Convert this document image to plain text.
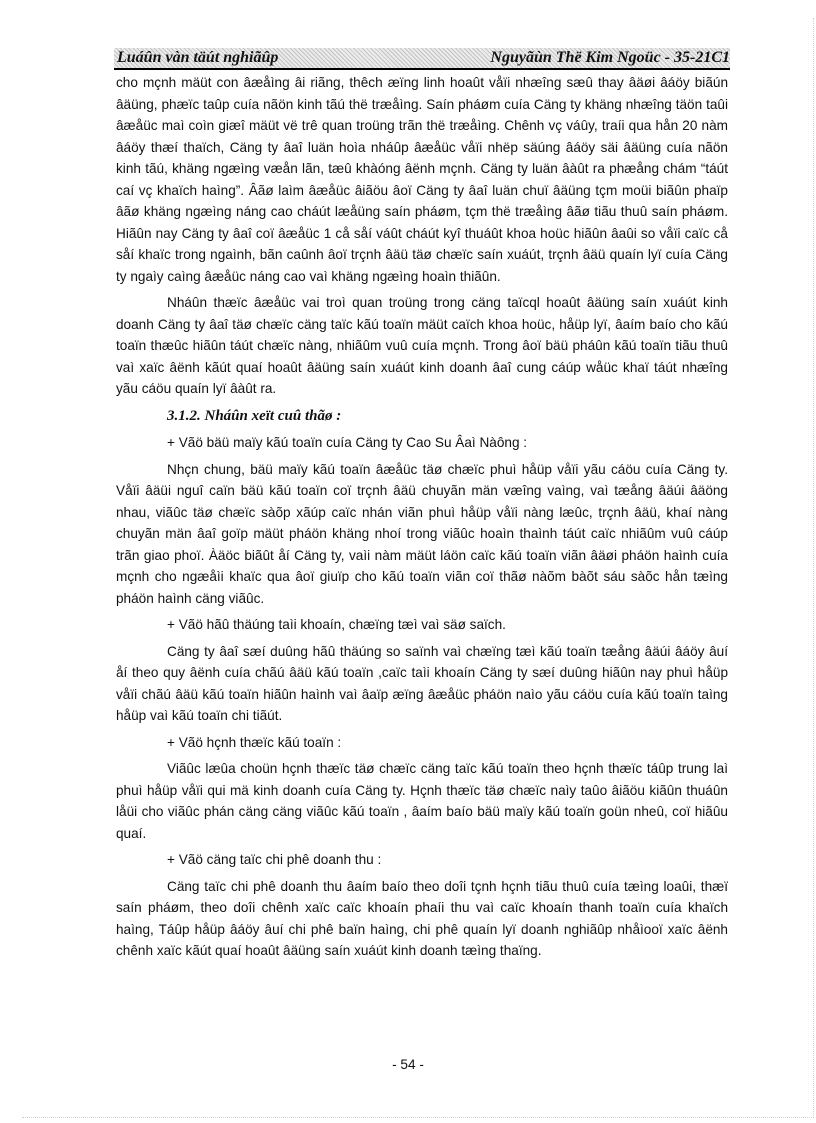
Luáûn vàn täút nghiãûp	Nguyãùn Thë Kim Ngoüc - 35-21C1

cho mçnh mäüt con âæåìng âi riãng, thêch æïng linh hoaût våïi nhæîng sæû thay âäøi âáöy biãún âäüng, phæïc taûp cuía nãön kinh tãú thë træåìng. Saín pháøm cuía Cäng ty khäng nhæîng täön taûi âæåüc maì coìn giæî mäüt vë trê quan troüng trãn thë træåìng. Chênh vç váûy, traíi qua hån 20 nàm âáöy thæí thaïch, Cäng ty âaî luän hoìa nháûp âæåüc våïi nhëp säúng âáöy säi âäüng cuía nãön kinh tãú, khäng ngæìng væån lãn, tæû khàóng âënh mçnh. Cäng ty luän âàût ra phæång chám “táút caí vç khaïch haìng”. Âãø laìm âæåüc âiãöu âoï Cäng ty âaî luän chuï âäüng tçm moüi biãûn phaïp âãø khäng ngæìng náng cao cháút læåüng saín pháøm, tçm thë træåìng âãø tiãu thuû saín pháøm. Hiãûn nay Cäng ty âaî coï âæåüc 1 cå såí váût cháút kyî thuáût khoa hoüc hiãûn âaûi so våïi caïc cå såí khaïc trong ngaình, bãn caûnh âoï trçnh âäü täø chæïc saín xuáút, trçnh âäü quaín lyï cuía Cäng ty ngaìy caìng âæåüc náng cao vaì khäng ngæìng hoaìn thiãûn.

Nháûn thæïc âæåüc vai troì quan troüng trong cäng taïcql hoaût âäüng saín xuáút kinh doanh Cäng ty âaî täø chæïc cäng taïc kãú toaïn mäüt caïch khoa hoüc, håüp lyï, âaím baío cho kãú toaïn thæûc hiãûn táút chæïc nàng, nhiãûm vuû cuía mçnh. Trong âoï bäü pháûn kãú toaïn tiãu thuû vaì xaïc âënh kãút quaí hoaût âäüng saín xuáút kinh doanh âaî cung cáúp wåüc khaï táút nhæîng yãu cáöu quaín lyï âàût ra.

3.1.2. Nháûn xeït cuû thãø :

+ Vãö bäü maïy kãú toaïn cuía Cäng ty Cao Su Âaì Nàông :

Nhçn chung, bäü maïy kãú toaïn âæåüc täø chæïc phuì håüp våïi yãu cáöu cuía Cäng ty. Våïi âäüi nguî caïn bäü kãú toaïn coï trçnh âäü chuyãn män væîng vaìng, vaì tæång âäúi âäöng nhau, viãûc täø chæïc sàõp xãúp caïc nhán viãn phuì håüp våïi nàng læûc, trçnh âäü, khaí nàng chuyãn män âaî goïp mäüt pháön khäng nhoí trong viãûc hoaìn thaình táút caïc nhiãûm vuû cáúp trãn giao phoï. Àäöc biãût åí Cäng ty, vaìi nàm mäüt láön caïc kãú toaïn viãn âäøi pháön haình cuía mçnh cho ngæåìi khaïc qua âoï giuïp cho kãú toaïn viãn coï thãø nàõm bàõt sáu sàõc hån tæìng pháön haình cäng viãûc.

+ Vãö hãû thäúng taìi khoaín, chæïng tæì vaì säø saïch.

Cäng ty âaî sæí duûng hãû thäúng so saïnh vaì chæïng tæì kãú toaïn tæång âäúi âáöy âuí åí theo quy âënh cuía chãú âäü kãú toaïn ,caïc taìi khoaín Cäng ty sæí duûng hiãûn nay phuì håüp våïi chãú âäü kãú toaïn hiãûn haình vaì âaïp æïng âæåüc pháön naìo yãu cáöu cuía kãú toaïn taìng håüp vaì kãú toaïn chi tiãút.

+ Vãö hçnh thæïc kãú toaïn :

Viãûc læûa choün hçnh thæïc täø chæïc cäng taïc kãú toaïn theo hçnh thæïc táûp trung laì phuì håüp våïi qui mä kinh doanh cuía Cäng ty. Hçnh thæïc täø chæïc naìy taûo âiãöu kiãûn thuáûn låüi cho viãûc phán cäng cäng viãûc kãú toaïn , âaím baío bäü maïy kãú toaïn goün nheû, coï hiãûu quaí.

+ Vãö cäng taïc chi phê doanh thu :

Cäng taïc chi phê doanh thu âaím baío theo doîi tçnh hçnh tiãu thuû cuía tæìng loaûi, thæï saín pháøm, theo doîi chênh xaïc caïc khoaín phaíi thu vaì caïc khoaín thanh toaïn cuía khaïch haìng, Táûp håüp âáöy âuí chi phê baïn haìng, chi phê quaín lyï doanh nghiãûp nhåìooï xaïc âënh chênh xaïc kãút quaí hoaût âäüng saín xuáút kinh doanh tæìng thaïng.

- 54 -
